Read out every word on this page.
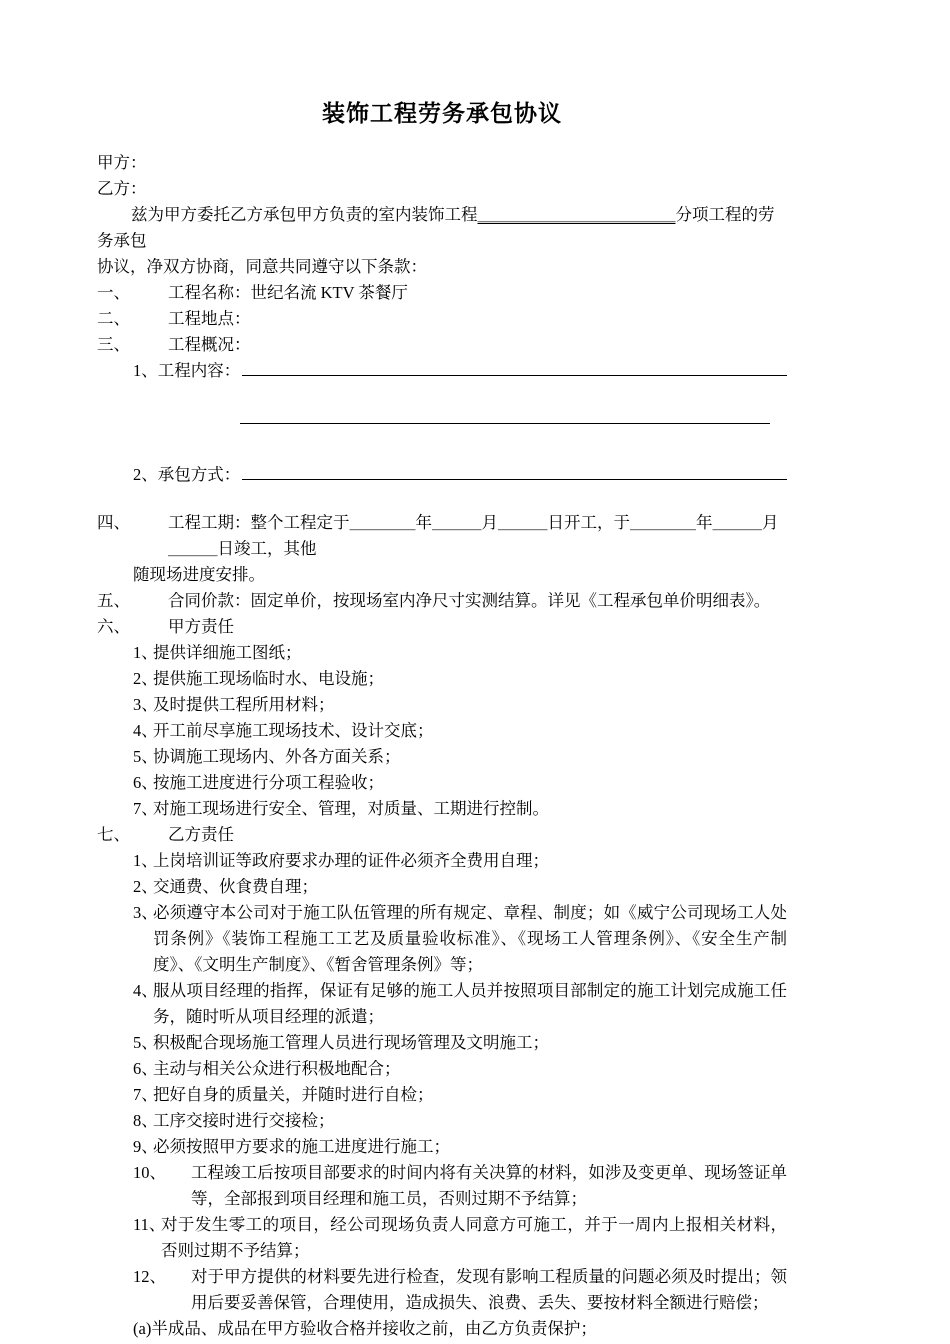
装饰工程劳务承包协议
甲方：
乙方：
兹为甲方委托乙方承包甲方负责的室内装饰工程＿＿＿＿＿＿＿＿＿＿＿＿分项工程的劳务承包
协议，净双方协商，同意共同遵守以下条款：
一、	工程名称：世纪名流 KTV 茶餐厅
二、	工程地点：
三、	工程概况：
1、 工程内容：
2、 承包方式：
四、	工程工期：整个工程定于＿＿＿＿年＿＿＿月＿＿＿日开工，于＿＿＿＿年＿＿＿月＿＿＿日竣工，其他
随现场进度安排。
五、	合同价款：固定单价，按现场室内净尺寸实测结算。详见《工程承包单价明细表》。
六、	甲方责任
1、
提供详细施工图纸；
2、
提供施工现场临时水、电设施；
3、
及时提供工程所用材料；
4、
开工前尽享施工现场技术、设计交底；
5、
协调施工现场内、外各方面关系；
6、
按施工进度进行分项工程验收；
7、
对施工现场进行安全、管理，对质量、工期进行控制。
七、	乙方责任
1、
上岗培训证等政府要求办理的证件必须齐全费用自理；
2、
交通费、伙食费自理；
3、
必须遵守本公司对于施工队伍管理的所有规定、章程、制度；如《威宁公司现场工人处罚条例》《装饰工程施工工艺及质量验收标准》、《现场工人管理条例》、《安全生产制度》、《文明生产制度》、《暂舍管理条例》等；
4、
服从项目经理的指挥，保证有足够的施工人员并按照项目部制定的施工计划完成施工任务，随时听从项目经理的派遣；
5、
积极配合现场施工管理人员进行现场管理及文明施工；
6、
主动与相关公众进行积极地配合；
7、
把好自身的质量关，并随时进行自检；
8、
工序交接时进行交接检；
9、
必须按照甲方要求的施工进度进行施工；
10、	工程竣工后按项目部要求的时间内将有关决算的材料，如涉及变更单、现场签证单等，全部报到项目经理和施工员，否则过期不予结算；
11、
对于发生零工的项目，经公司现场负责人同意方可施工，并于一周内上报相关材料，否则过期不予结算；
12、	对于甲方提供的材料要先进行检查，发现有影响工程质量的问题必须及时提出；领用后要妥善保管，合理使用，造成损失、浪费、丢失、要按材料全额进行赔偿；
(a)半成品、成品在甲方验收合格并接收之前，由乙方负责保护；
